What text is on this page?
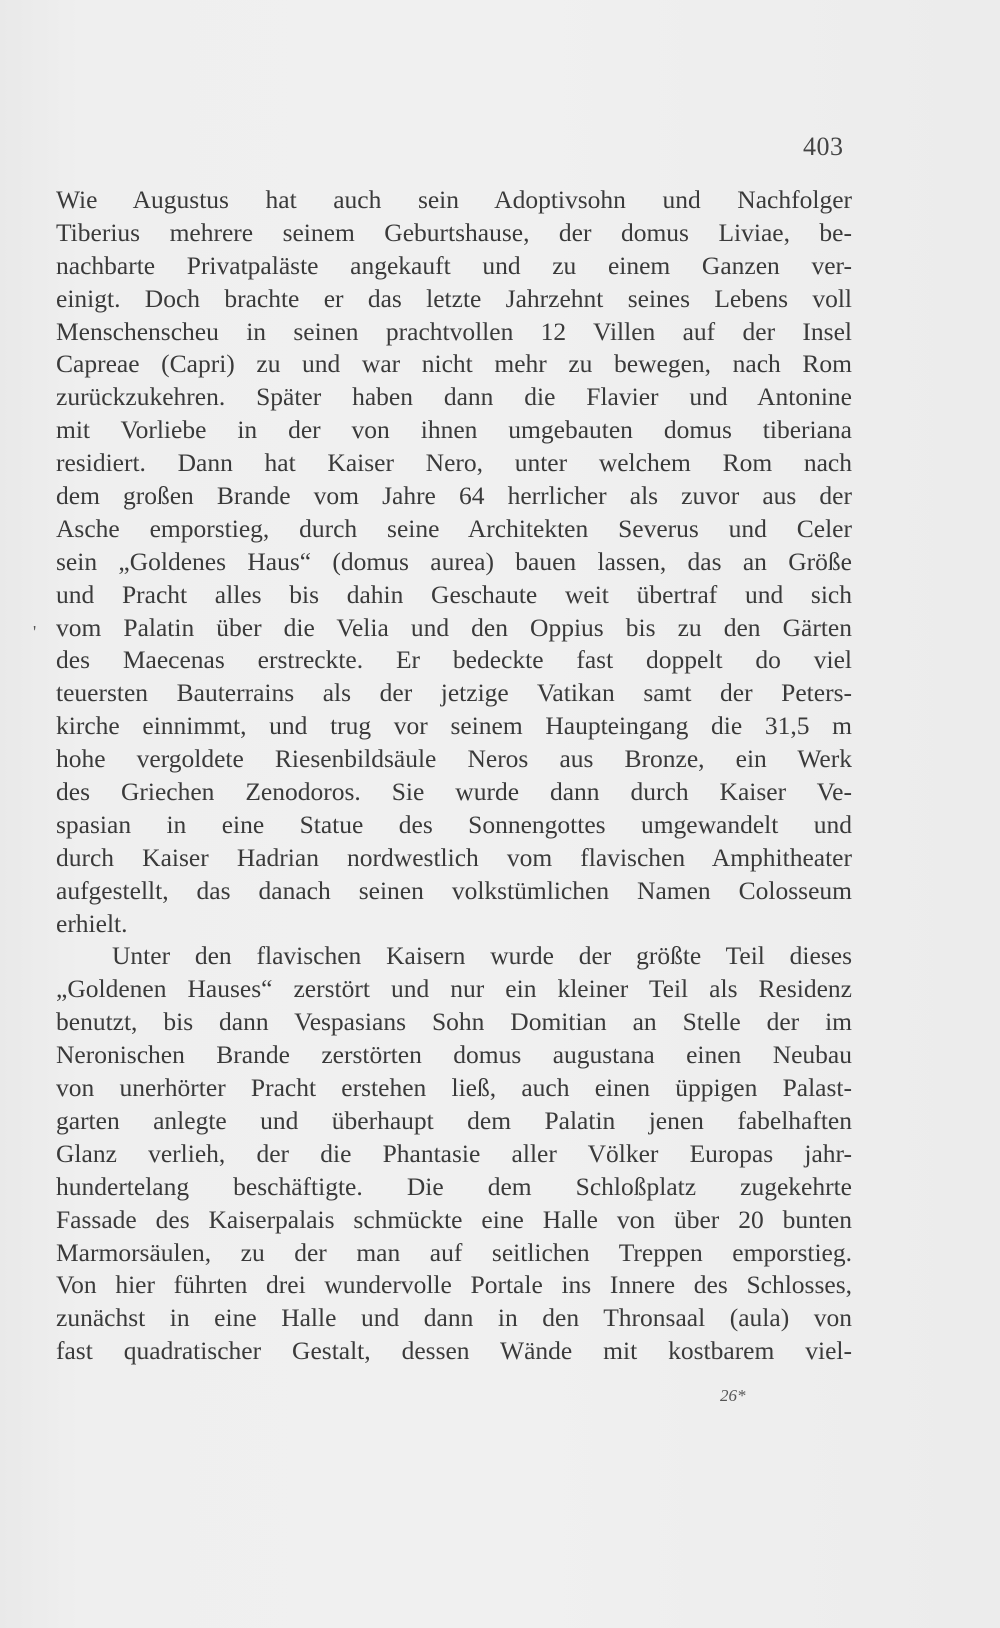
403
'
Wie Augustus hat auch sein Adoptivsohn und Nachfolger
Tiberius mehrere seinem Geburtshause, der domus Liviae, be-
nachbarte Privatpaläste angekauft und zu einem Ganzen ver-
einigt. Doch brachte er das letzte Jahrzehnt seines Lebens voll
Menschenscheu in seinen prachtvollen 12 Villen auf der Insel
Capreae (Capri) zu und war nicht mehr zu bewegen, nach Rom
zurückzukehren. Später haben dann die Flavier und Antonine
mit Vorliebe in der von ihnen umgebauten domus tiberiana
residiert. Dann hat Kaiser Nero, unter welchem Rom nach
dem großen Brande vom Jahre 64 herrlicher als zuvor aus der
Asche emporstieg, durch seine Architekten Severus und Celer
sein „Goldenes Haus“ (domus aurea) bauen lassen, das an Größe
und Pracht alles bis dahin Geschaute weit übertraf und sich
vom Palatin über die Velia und den Oppius bis zu den Gärten
des Maecenas erstreckte. Er bedeckte fast doppelt do viel
teuersten Bauterrains als der jetzige Vatikan samt der Peters-
kirche einnimmt, und trug vor seinem Haupteingang die 31,5 m
hohe vergoldete Riesenbildsäule Neros aus Bronze, ein Werk
des Griechen Zenodoros. Sie wurde dann durch Kaiser Ve-
spasian in eine Statue des Sonnengottes umgewandelt und
durch Kaiser Hadrian nordwestlich vom flavischen Amphitheater
aufgestellt, das danach seinen volkstümlichen Namen Colosseum
erhielt.
Unter den flavischen Kaisern wurde der größte Teil dieses
„Goldenen Hauses“ zerstört und nur ein kleiner Teil als Residenz
benutzt, bis dann Vespasians Sohn Domitian an Stelle der im
Neronischen Brande zerstörten domus augustana einen Neubau
von unerhörter Pracht erstehen ließ, auch einen üppigen Palast-
garten anlegte und überhaupt dem Palatin jenen fabelhaften
Glanz verlieh, der die Phantasie aller Völker Europas jahr-
hundertelang beschäftigte. Die dem Schloßplatz zugekehrte
Fassade des Kaiserpalais schmückte eine Halle von über 20 bunten
Marmorsäulen, zu der man auf seitlichen Treppen emporstieg.
Von hier führten drei wundervolle Portale ins Innere des Schlosses,
zunächst in eine Halle und dann in den Thronsaal (aula) von
fast quadratischer Gestalt, dessen Wände mit kostbarem viel-
26*
